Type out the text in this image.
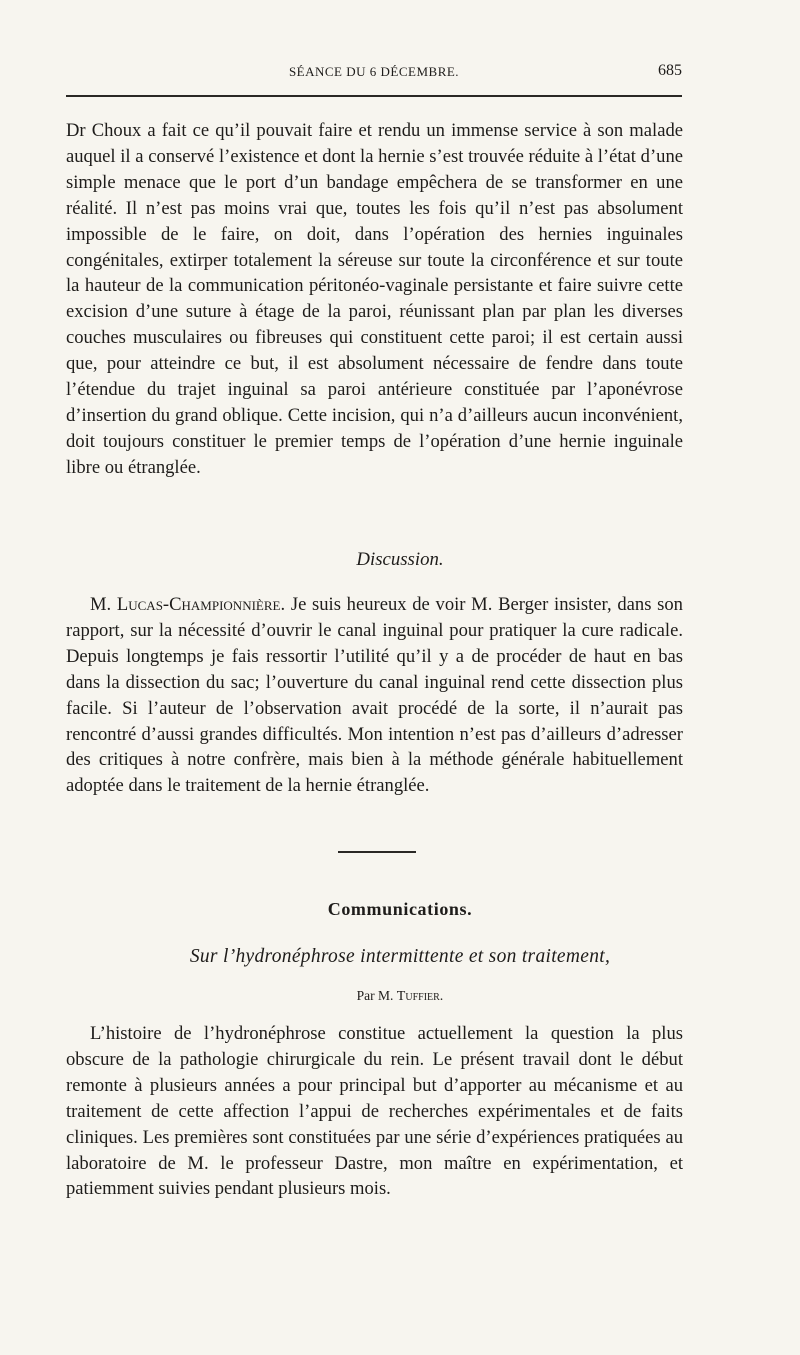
SÉANCE DU 6 DÉCEMBRE.	685

Dr Choux a fait ce qu’il pouvait faire et rendu un immense service à son malade auquel il a conservé l’existence et dont la hernie s’est trouvée réduite à l’état d’une simple menace que le port d’un bandage empêchera de se transformer en une réalité. Il n’est pas moins vrai que, toutes les fois qu’il n’est pas absolument impossible de le faire, on doit, dans l’opération des hernies inguinales congénitales, extirper totalement la séreuse sur toute la circonférence et sur toute la hauteur de la communication péritonéo-vaginale persistante et faire suivre cette excision d’une suture à étage de la paroi, réunissant plan par plan les diverses couches musculaires ou fibreuses qui constituent cette paroi; il est certain aussi que, pour atteindre ce but, il est absolument nécessaire de fendre dans toute l’étendue du trajet inguinal sa paroi antérieure constituée par l’aponévrose d’insertion du grand oblique. Cette incision, qui n’a d’ailleurs aucun inconvénient, doit toujours constituer le premier temps de l’opération d’une hernie inguinale libre ou étranglée.

Discussion.

M. Lucas-Championnière. Je suis heureux de voir M. Berger insister, dans son rapport, sur la nécessité d’ouvrir le canal inguinal pour pratiquer la cure radicale. Depuis longtemps je fais ressortir l’utilité qu’il y a de procéder de haut en bas dans la dissection du sac; l’ouverture du canal inguinal rend cette dissection plus facile. Si l’auteur de l’observation avait procédé de la sorte, il n’aurait pas rencontré d’aussi grandes difficultés. Mon intention n’est pas d’ailleurs d’adresser des critiques à notre confrère, mais bien à la méthode générale habituellement adoptée dans le traitement de la hernie étranglée.

Communications.
Sur l’hydronéphrose intermittente et son traitement,
Par M. Tuffier.

L’histoire de l’hydronéphrose constitue actuellement la question la plus obscure de la pathologie chirurgicale du rein. Le présent travail dont le début remonte à plusieurs années a pour principal but d’apporter au mécanisme et au traitement de cette affection l’appui de recherches expérimentales et de faits cliniques. Les premières sont constituées par une série d’expériences pratiquées au laboratoire de M. le professeur Dastre, mon maître en expérimentation, et patiemment suivies pendant plusieurs mois.
